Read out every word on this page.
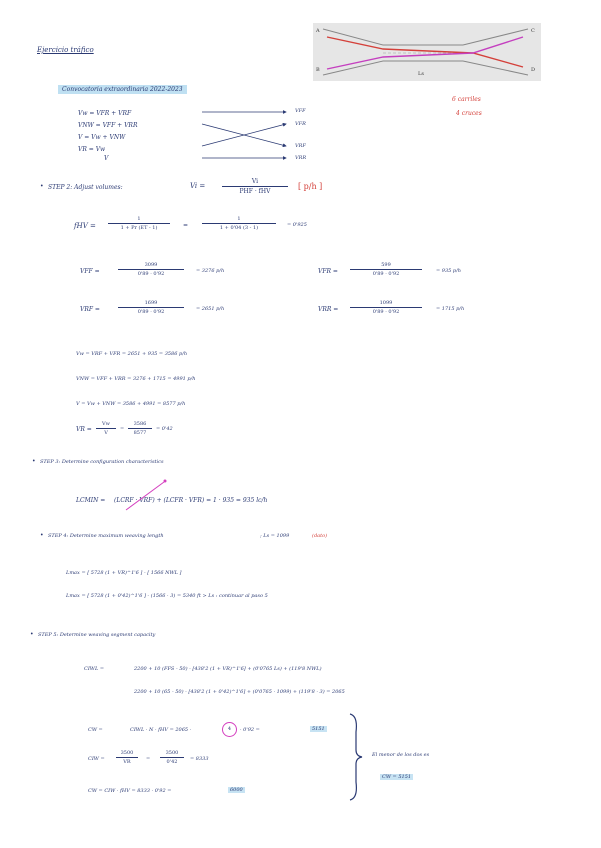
Ejercicio tráfico
Convocatoria extraordinaria 2022-2023
A
B
C
D
Ls
6 carriles
4 cruces
Vw = VFR + VRF
VNW = VFF + VRR
V = Vw + VNW
VR = Vw
V
VFF
VFR
VRF
VRR
STEP 2: Adjust volumes:	Vi =
Vi
PHF · fHV
[ p/h ]
fHV = $\frac{1}{1 + Pr (ET - 1)}$ =	$\frac{1}{1 + 0'04 (3 - 1)} = 0'925$
VFF =	$\frac{3099}{0'89 \cdot 0'92} = 3276$ p/h	VFR = $\frac{599}{0'89 \cdot 0'92}$	= 935 p/h
VRF =	$\frac{1699}{0'89 \cdot 0'92} = 2651$ p/h	VRR = $\frac{1099}{0'89 \cdot 0'92}$	= 1715 p/h
Vw = VRF + VFR = 2651 + 935 = 3586 p/h
VNW = VFF + VRR = 3276 + 1715 = 4991 p/h
V = Vw + VNW = 3586 + 4991 = 8577 p/h
VR = $\frac{Vw}{V} = \frac{3586}{8577} = 0'42$
STEP 3: Determine configuration characteristics
LCMIN = (LCRF · VRF) + (LCFR · VFR) = 1 · 935 = 935 lc/h
STEP 4: Determine maximum weaving length	; Ls = 1099	(dato)
Lmax = [ 5728 (1 + VR)^1'6 ] - [ 1566 NWL ]
Lmax = [ 5728 (1 + 0'42)^1'6 ] - (1566 · 3) = 5340 ft > Ls : continuar al paso 5
STEP 5: Determine weaving segment capacity
CIWL =	2200 + 10 (FFS - 50) - [438'2 (1 + VR)^1'6] + (0'0765 Ls) + (119'8 NWL)
2200 + 10 (65 - 50) - [438'2 (1 + 0'42)^1'6] + (0'0765 · 1099) + (119'8 · 3) = 2065
CW =	CIWL · N · fHV = 2065 ·	4	· 0'92 =	5151
CIW = $\frac{3500}{VR} = \frac{3500}{0'42} = 8333$
CW = CIW · fHV = 8333 · 0'92 =	6000
El menor de los dos es
CW = 5151
•
•
•
•
